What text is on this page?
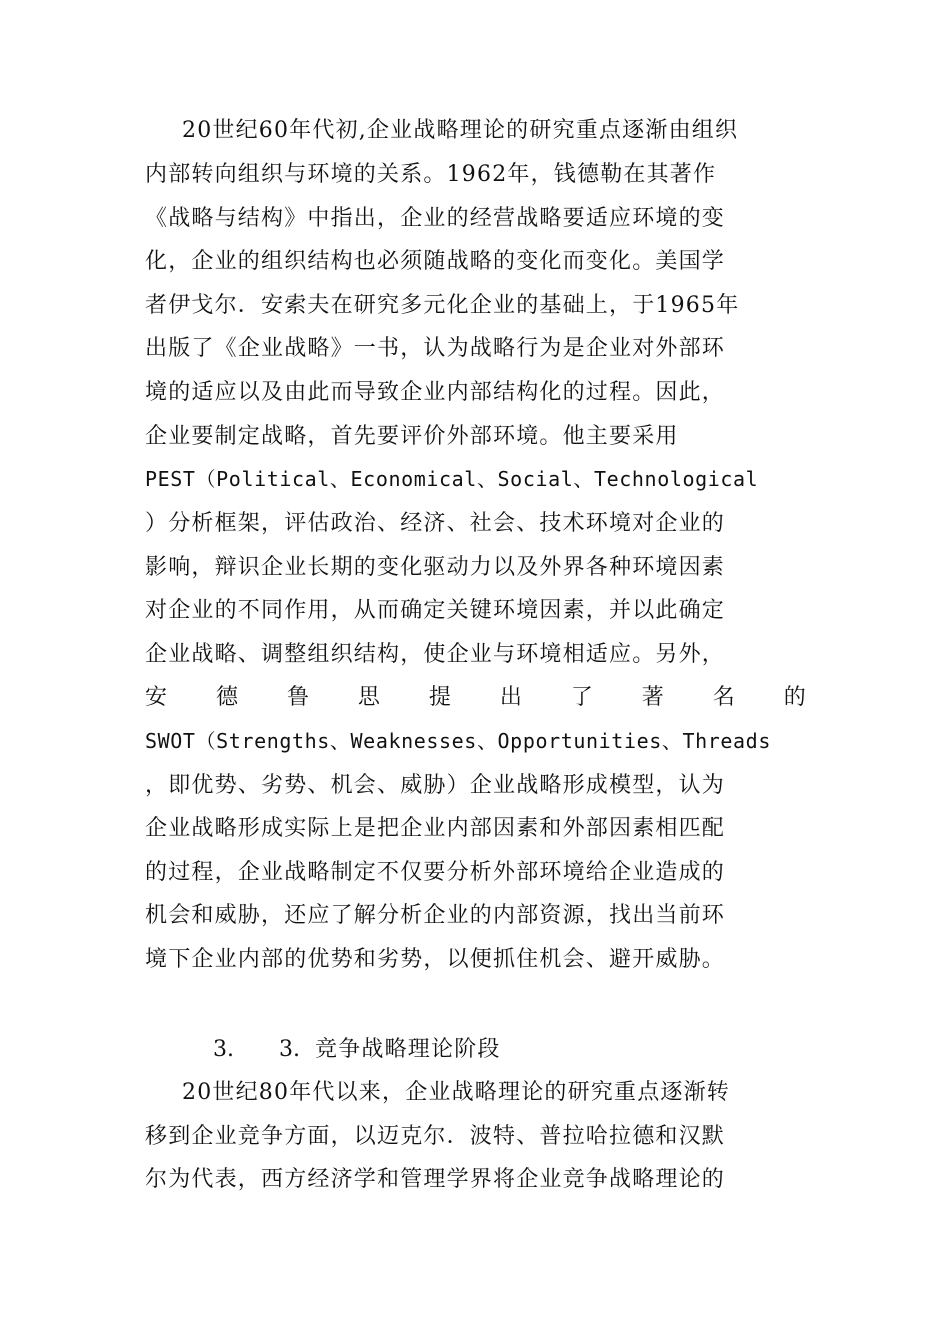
20世纪60年代初,企业战略理论的研究重点逐渐由组织
内部转向组织与环境的关系。1962年，钱德勒在其著作
《战略与结构》中指出，企业的经营战略要适应环境的变
化，企业的组织结构也必须随战略的变化而变化。美国学
者伊戈尔．安索夫在研究多元化企业的基础上，于1965年
出版了《企业战略》一书，认为战略行为是企业对外部环
境的适应以及由此而导致企业内部结构化的过程。因此，
企业要制定战略，首先要评价外部环境。他主要采用
PEST（Political、Economical、Social、Technological
）分析框架，评估政治、经济、社会、技术环境对企业的
影响，辩识企业长期的变化驱动力以及外界各种环境因素
对企业的不同作用，从而确定关键环境因素，并以此确定
企业战略、调整组织结构，使企业与环境相适应。另外，
安 德 鲁 思 提 出 了 著 名 的
SWOT（Strengths、Weaknesses、Opportunities、Threads
，即优势、劣势、机会、威胁）企业战略形成模型，认为
企业战略形成实际上是把企业内部因素和外部因素相匹配
的过程，企业战略制定不仅要分析外部环境给企业造成的
机会和威胁，还应了解分析企业的内部资源，找出当前环
境下企业内部的优势和劣势，以便抓住机会、避开威胁。
3. 3. 竞争战略理论阶段
20世纪80年代以来，企业战略理论的研究重点逐渐转
移到企业竞争方面，以迈克尔．波特、普拉哈拉德和汉默
尔为代表，西方经济学和管理学界将企业竞争战略理论的
